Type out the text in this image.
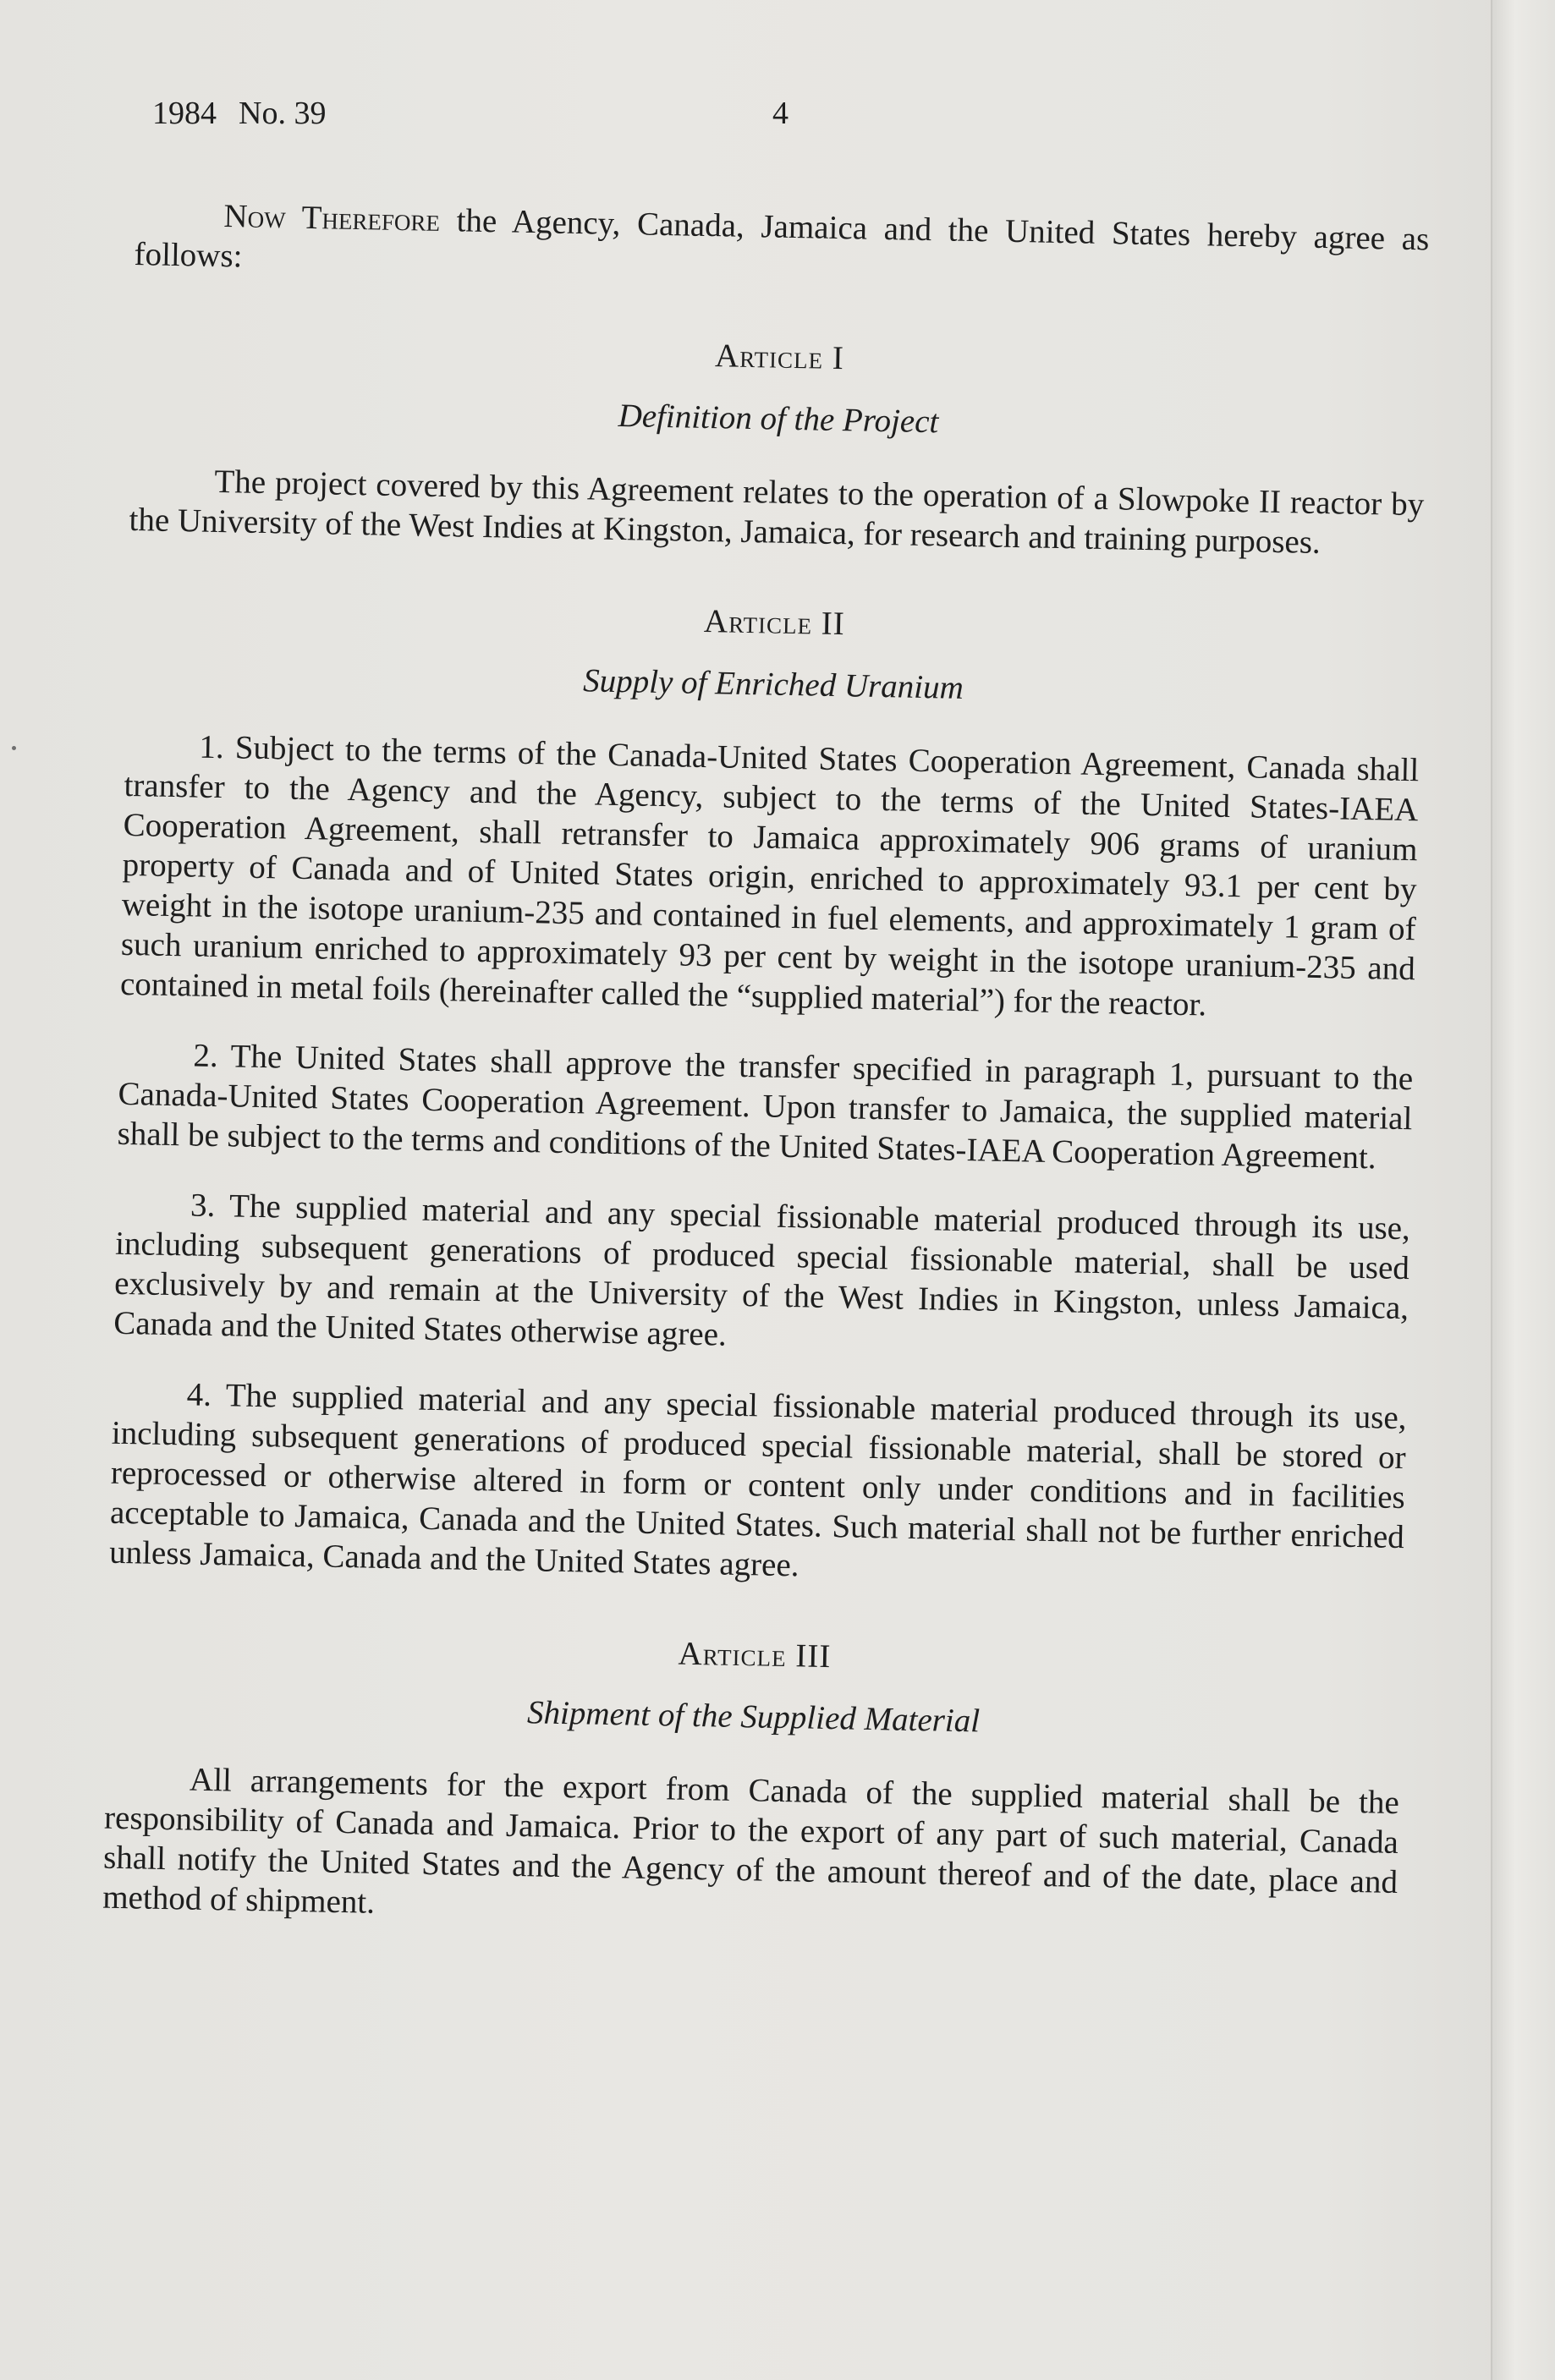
1984 No. 39	4

Now Therefore the Agency, Canada, Jamaica and the United States hereby agree as follows:

Article I

Definition of the Project

The project covered by this Agreement relates to the operation of a Slowpoke II reactor by the University of the West Indies at Kingston, Jamaica, for research and training purposes.

Article II

Supply of Enriched Uranium

1. Subject to the terms of the Canada-United States Cooperation Agreement, Canada shall transfer to the Agency and the Agency, subject to the terms of the United States-IAEA Cooperation Agreement, shall retransfer to Jamaica approximately 906 grams of uranium property of Canada and of United States origin, enriched to approximately 93.1 per cent by weight in the isotope uranium-235 and contained in fuel elements, and approximately 1 gram of such uranium enriched to approximately 93 per cent by weight in the isotope uranium-235 and contained in metal foils (hereinafter called the “supplied material”) for the reactor.

2. The United States shall approve the transfer specified in paragraph 1, pursuant to the Canada-United States Cooperation Agreement. Upon transfer to Jamaica, the supplied material shall be subject to the terms and conditions of the United States-IAEA Cooperation Agreement.

3. The supplied material and any special fissionable material produced through its use, including subsequent generations of produced special fissionable material, shall be used exclusively by and remain at the University of the West Indies in Kingston, unless Jamaica, Canada and the United States otherwise agree.

4. The supplied material and any special fissionable material produced through its use, including subsequent generations of produced special fissionable material, shall be stored or reprocessed or otherwise altered in form or content only under conditions and in facilities acceptable to Jamaica, Canada and the United States. Such material shall not be further enriched unless Jamaica, Canada and the United States agree.

Article III

Shipment of the Supplied Material

All arrangements for the export from Canada of the supplied material shall be the responsibility of Canada and Jamaica. Prior to the export of any part of such material, Canada shall notify the United States and the Agency of the amount thereof and of the date, place and method of shipment.
